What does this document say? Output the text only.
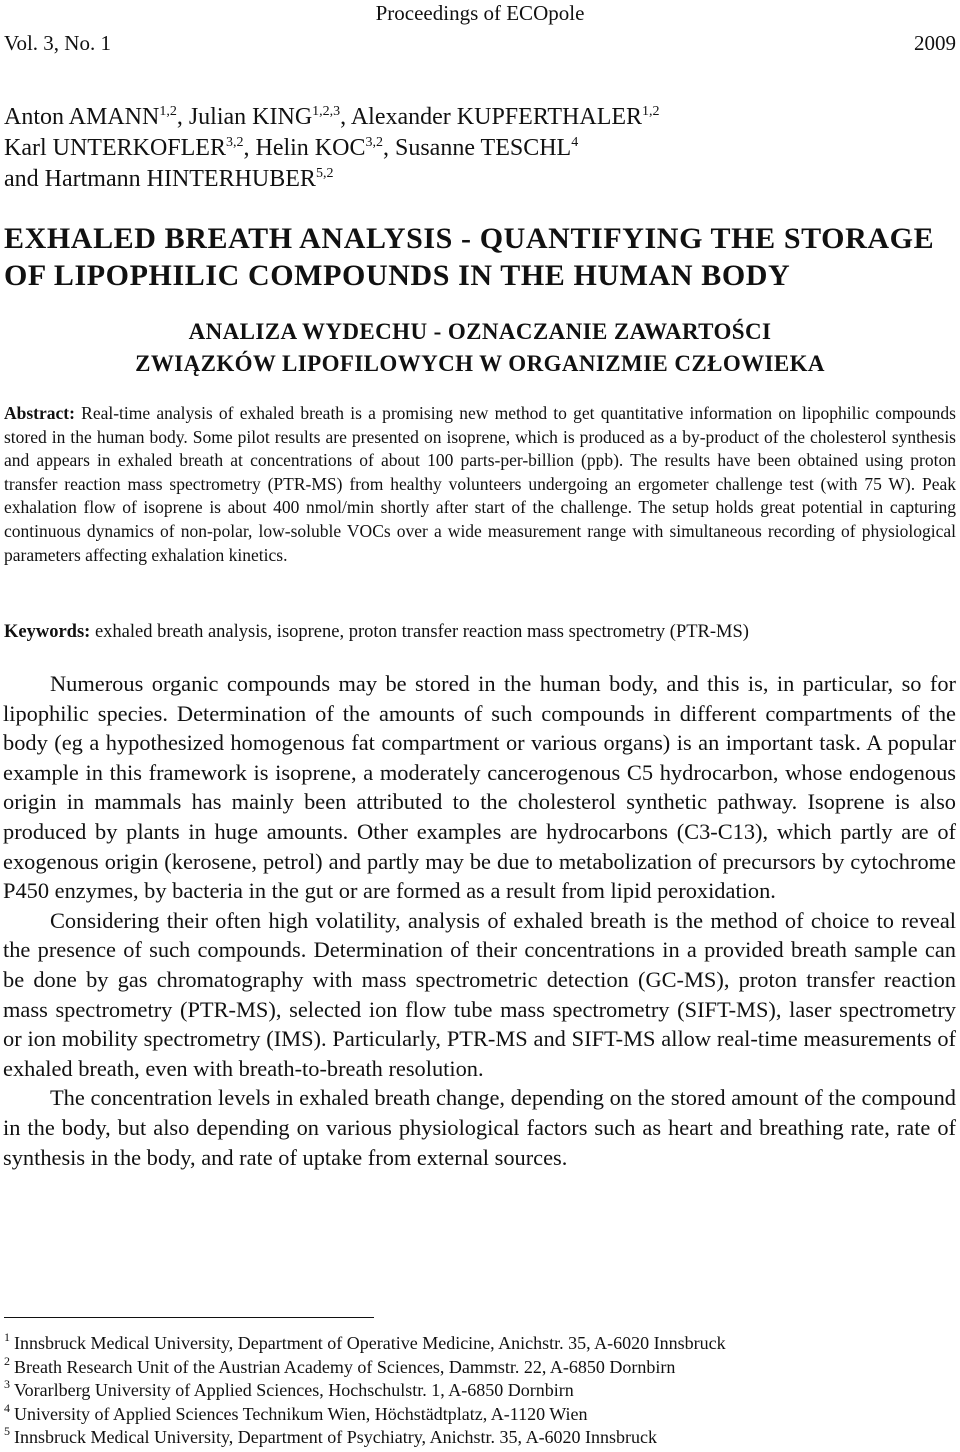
Proceedings of ECOpole
Vol. 3, No. 1	2009
Anton AMANN$^{1,2}$, Julian KING$^{1,2,3}$, Alexander KUPFERTHALER$^{1,2}$
Karl UNTERKOFLER$^{3,2}$, Helin KOC$^{3,2}$, Susanne TESCHL$^4$
and Hartmann HINTERHUBER$^{5,2}$
EXHALED BREATH ANALYSIS - QUANTIFYING THE STORAGE
OF LIPOPHILIC COMPOUNDS IN THE HUMAN BODY
ANALIZA WYDECHU - OZNACZANIE ZAWARTOŚCI
ZWIĄZKÓW LIPOFILOWYCH W ORGANIZMIE CZŁOWIEKA
Abstract: Real-time analysis of exhaled breath is a promising new method to get quantitative information on lipophilic compounds stored in the human body. Some pilot results are presented on isoprene, which is produced as a by-product of the cholesterol synthesis and appears in exhaled breath at concentrations of about 100 parts-per-billion (ppb). The results have been obtained using proton transfer reaction mass spectrometry (PTR-MS) from healthy volunteers undergoing an ergometer challenge test (with 75 W). Peak exhalation flow of isoprene is about 400 nmol/min shortly after start of the challenge. The setup holds great potential in capturing continuous dynamics of non-polar, low-soluble VOCs over a wide measurement range with simultaneous recording of physiological parameters affecting exhalation kinetics.
Keywords: exhaled breath analysis, isoprene, proton transfer reaction mass spectrometry (PTR-MS)

Numerous organic compounds may be stored in the human body, and this is, in particular, so for lipophilic species. Determination of the amounts of such compounds in different compartments of the body (eg a hypothesized homogenous fat compartment or various organs) is an important task. A popular example in this framework is isoprene, a moderately cancerogenous C5 hydrocarbon, whose endogenous origin in mammals has mainly been attributed to the cholesterol synthetic pathway. Isoprene is also produced by plants in huge amounts. Other examples are hydrocarbons (C3-C13), which partly are of exogenous origin (kerosene, petrol) and partly may be due to metabolization of precursors by cytochrome P450 enzymes, by bacteria in the gut or are formed as a result from lipid peroxidation.

Considering their often high volatility, analysis of exhaled breath is the method of choice to reveal the presence of such compounds. Determination of their concentrations in a provided breath sample can be done by gas chromatography with mass spectrometric detection (GC-MS), proton transfer reaction mass spectrometry (PTR-MS), selected ion flow tube mass spectrometry (SIFT-MS), laser spectrometry or ion mobility spectrometry (IMS). Particularly, PTR-MS and SIFT-MS allow real-time measurements of exhaled breath, even with breath-to-breath resolution.

The concentration levels in exhaled breath change, depending on the stored amount of the compound in the body, but also depending on various physiological factors such as heart and breathing rate, rate of synthesis in the body, and rate of uptake from external sources.

$^1$ Innsbruck Medical University, Department of Operative Medicine, Anichstr. 35, A-6020 Innsbruck
$^2$ Breath Research Unit of the Austrian Academy of Sciences, Dammstr. 22, A-6850 Dornbirn
$^3$ Vorarlberg University of Applied Sciences, Hochschulstr. 1, A-6850 Dornbirn
$^4$ University of Applied Sciences Technikum Wien, Höchstädtplatz, A-1120 Wien
$^5$ Innsbruck Medical University, Department of Psychiatry, Anichstr. 35, A-6020 Innsbruck
